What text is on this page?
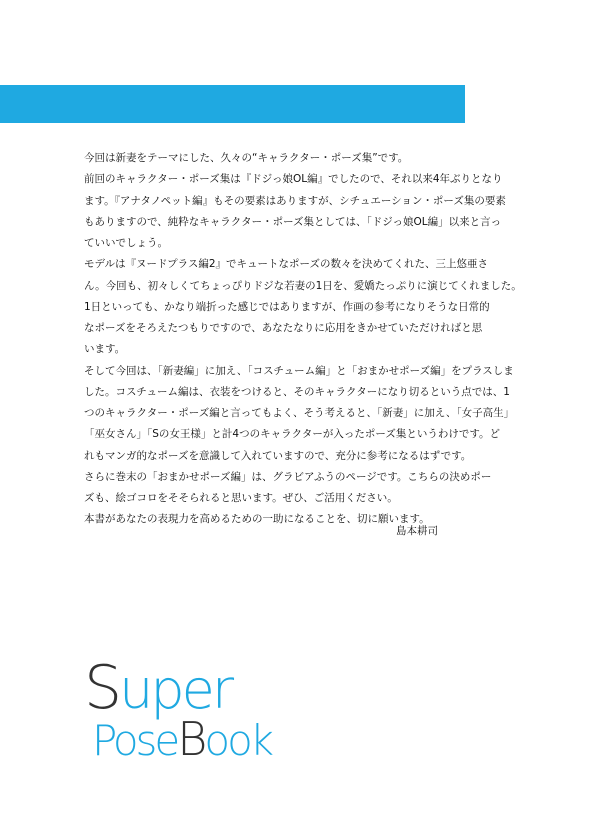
はじめに

今回は新妻をテーマにした、久々の“キャラクター・ポーズ集”です。

前回のキャラクター・ポーズ集は『ドジっ娘OL編』でしたので、それ以来4年ぶりとなり

ます。『アナタノペット編』もその要素はありますが、シチュエーション・ポーズ集の要素

もありますので、純粋なキャラクター・ポーズ集としては、「ドジっ娘OL編」以来と言っ

ていいでしょう。

モデルは『ヌードプラス編2』でキュートなポーズの数々を決めてくれた、三上悠亜さ

ん。今回も、初々しくてちょっぴりドジな若妻の1日を、愛嬌たっぷりに演じてくれました。

1日といっても、かなり端折った感じではありますが、作画の参考になりそうな日常的

なポーズをそろえたつもりですので、あなたなりに応用をきかせていただければと思

います。

そして今回は、「新妻編」に加え、「コスチューム編」と「おまかせポーズ編」をプラスしま

した。コスチューム編は、衣装をつけると、そのキャラクターになり切るという点では、1

つのキャラクター・ポーズ編と言ってもよく、そう考えると、「新妻」に加え、「女子高生」

「巫女さん」「Sの女王様」と計4つのキャラクターが入ったポーズ集というわけです。ど

れもマンガ的なポーズを意識して入れていますので、充分に参考になるはずです。

さらに巻末の「おまかせポーズ編」は、グラビアふうのページです。こちらの決めポー

ズも、絵ゴコロをそそられると思います。ぜひ、ご活用ください。

本書があなたの表現力を高めるための一助になることを、切に願います。

島本耕司
Super
PoseBook
